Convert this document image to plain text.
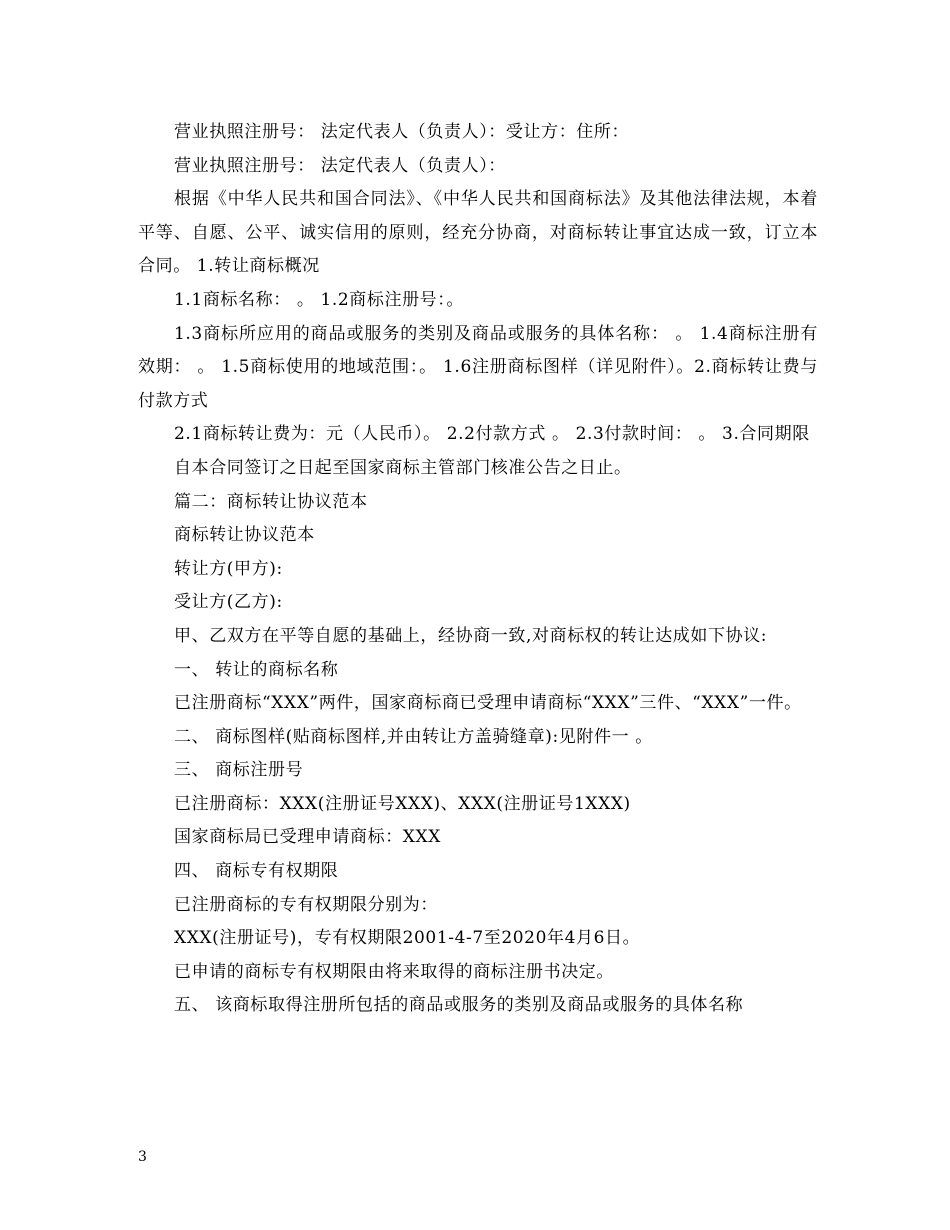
营业执照注册号： 法定代表人（负责人）：受让方：住所：

营业执照注册号： 法定代表人（负责人）：

根据《中华人民共和国合同法》、《中华人民共和国商标法》及其他法律法规，本着平等、自愿、公平、诚实信用的原则，经充分协商，对商标转让事宜达成一致，订立本合同。 1.转让商标概况

1.1商标名称： 。 1.2商标注册号：。

1.3商标所应用的商品或服务的类别及商品或服务的具体名称： 。 1.4商标注册有效期： 。 1.5商标使用的地域范围：。 1.6注册商标图样（详见附件）。2.商标转让费与付款方式

2.1商标转让费为：元（人民币）。 2.2付款方式 。 2.3付款时间： 。 3.合同期限

自本合同签订之日起至国家商标主管部门核准公告之日止。

篇二：商标转让协议范本

商标转让协议范本

转让方(甲方):

受让方(乙方):

甲、乙双方在平等自愿的基础上，经协商一致,对商标权的转让达成如下协议:

一、 转让的商标名称

已注册商标“XXX”两件，国家商标商已受理申请商标“XXX”三件、“XXX”一件。

二、 商标图样(贴商标图样,并由转让方盖骑缝章):见附件一 。

三、 商标注册号

已注册商标：XXX(注册证号XXX)、XXX(注册证号1XXX)

国家商标局已受理申请商标：XXX

四、 商标专有权期限

已注册商标的专有权期限分别为：

XXX(注册证号)，专有权期限2001-4-7至2020年4月6日。

已申请的商标专有权期限由将来取得的商标注册书决定。

五、 该商标取得注册所包括的商品或服务的类别及商品或服务的具体名称

3
